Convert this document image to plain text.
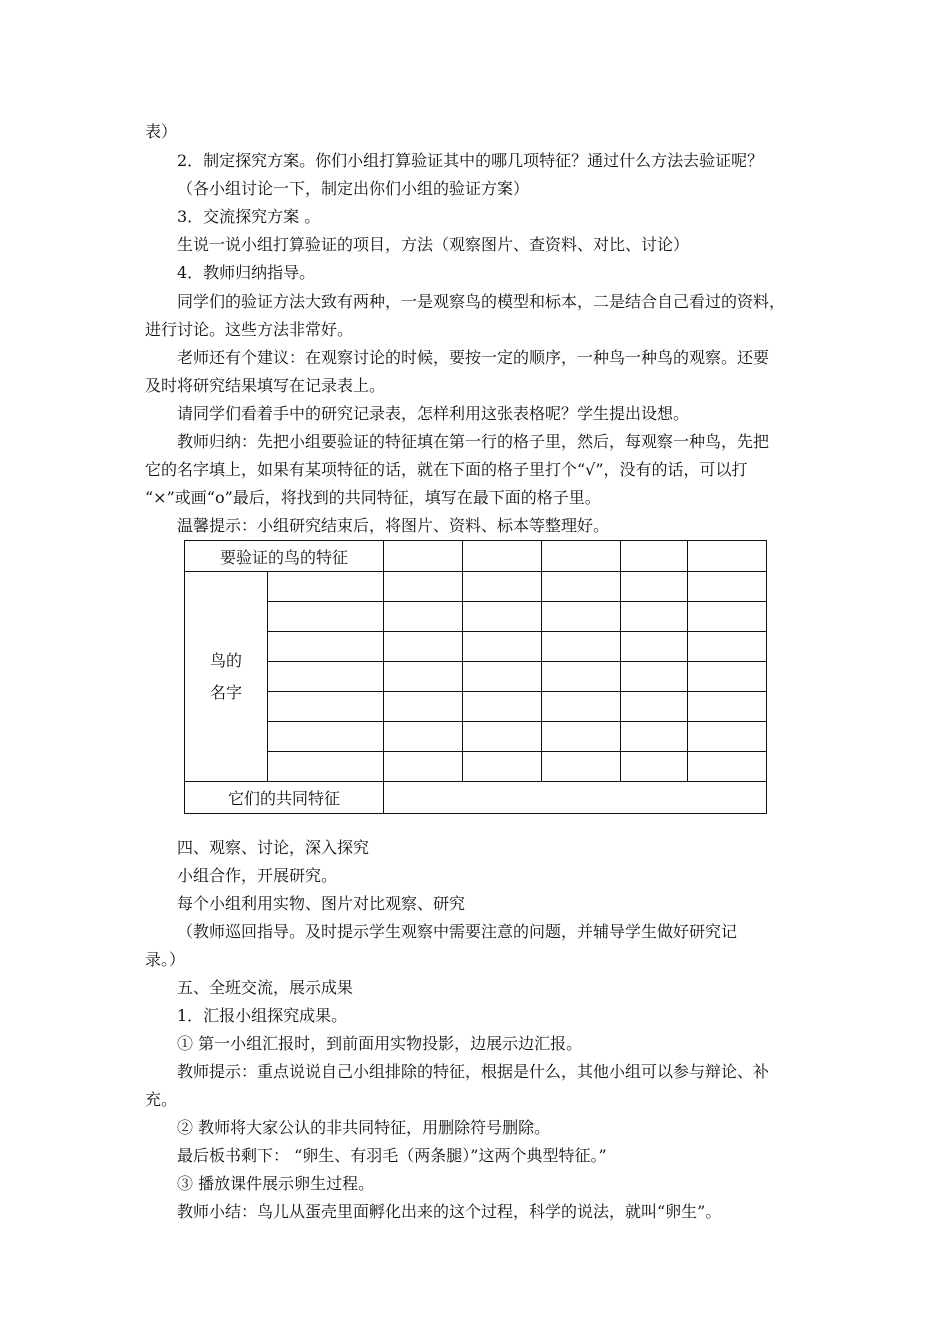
表）
2．制定探究方案。你们小组打算验证其中的哪几项特征？通过什么方法去验证呢？
（各小组讨论一下，制定出你们小组的验证方案）
3．交流探究方案 。
生说一说小组打算验证的项目，方法（观察图片、查资料、对比、讨论）
4．教师归纳指导。
同学们的验证方法大致有两种，一是观察鸟的模型和标本，二是结合自己看过的资料，
进行讨论。这些方法非常好。
老师还有个建议：在观察讨论的时候，要按一定的顺序，一种鸟一种鸟的观察。还要
及时将研究结果填写在记录表上。
请同学们看着手中的研究记录表，怎样利用这张表格呢？学生提出设想。
教师归纳：先把小组要验证的特征填在第一行的格子里，然后，每观察一种鸟，先把
它的名字填上，如果有某项特征的话，就在下面的格子里打个“√”，没有的话，可以打
“×”或画“o”最后，将找到的共同特征，填写在最下面的格子里。
温馨提示：小组研究结束后，将图片、资料、标本等整理好。
要验证的鸟的特征						

鸟的
名字						

它们的共同特征						
四、观察、讨论，深入探究
小组合作，开展研究。
每个小组利用实物、图片对比观察、研究
（教师巡回指导。及时提示学生观察中需要注意的问题，并辅导学生做好研究记
录。）
五、全班交流，展示成果
1．汇报小组探究成果。
① 第一小组汇报时，到前面用实物投影，边展示边汇报。
教师提示：重点说说自己小组排除的特征，根据是什么，其他小组可以参与辩论、补
充。
② 教师将大家公认的非共同特征，用删除符号删除。
最后板书剩下： “卵生、有羽毛（两条腿）”这两个典型特征。”
③ 播放课件展示卵生过程。
教师小结：鸟儿从蛋壳里面孵化出来的这个过程，科学的说法，就叫“卵生”。
